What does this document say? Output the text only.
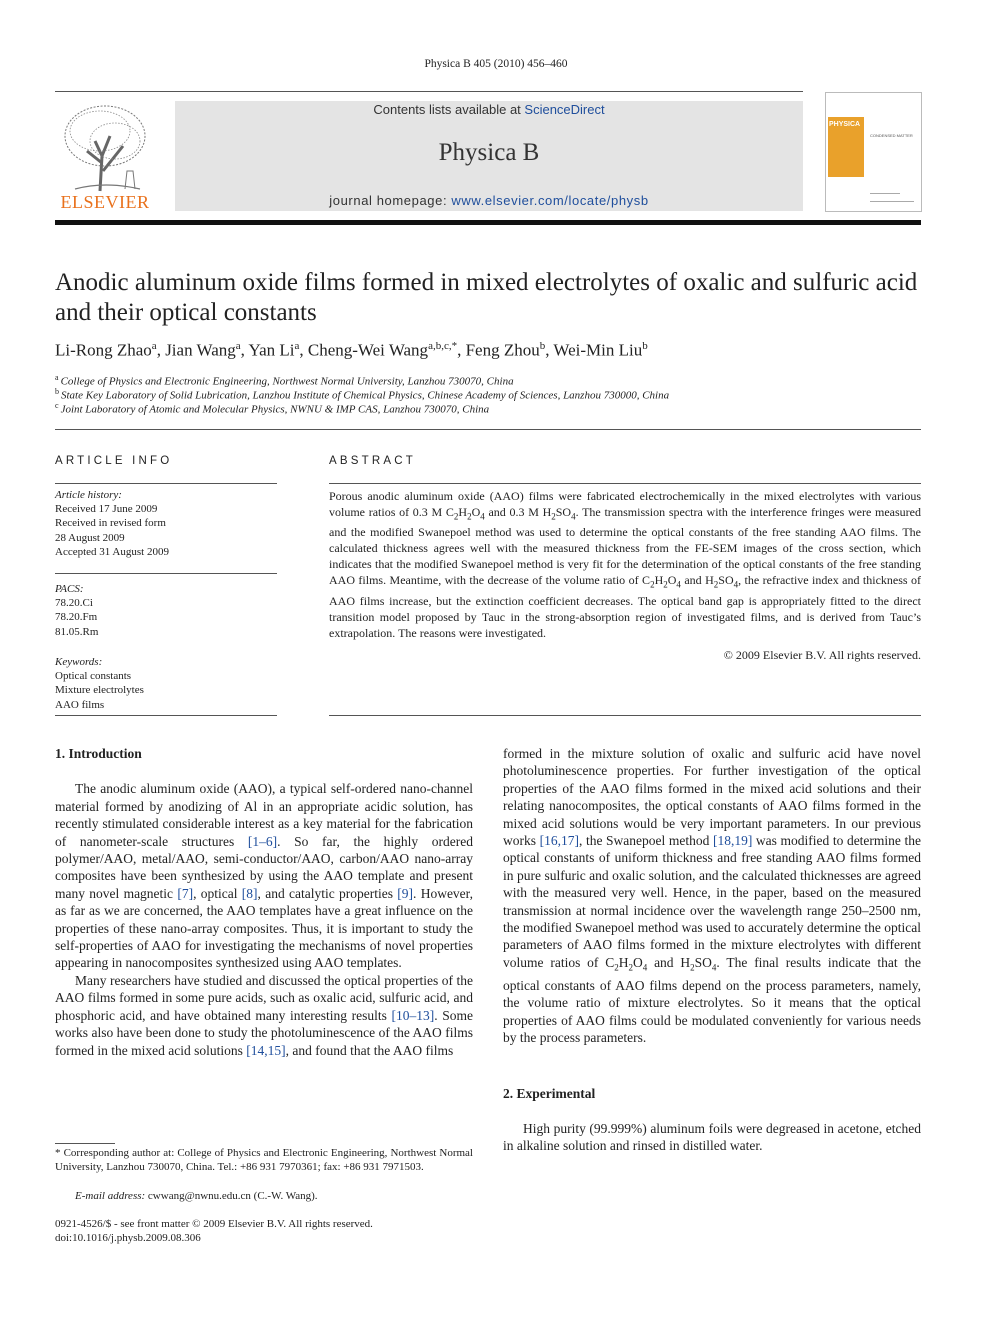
Physica B 405 (2010) 456–460
ELSEVIER
Contents lists available at ScienceDirect
Physica B
journal homepage: www.elsevier.com/locate/physb
PHYSICA
CONDENSED MATTER
Anodic aluminum oxide films formed in mixed electrolytes of oxalic and sulfuric acid and their optical constants
Li-Rong Zhao$^a$, Jian Wang$^a$, Yan Li$^a$, Cheng-Wei Wang$^{a,b,c,*}$, Feng Zhou$^b$, Wei-Min Liu$^b$
$^a$ College of Physics and Electronic Engineering, Northwest Normal University, Lanzhou 730070, China
$^b$ State Key Laboratory of Solid Lubrication, Lanzhou Institute of Chemical Physics, Chinese Academy of Sciences, Lanzhou 730000, China
$^c$ Joint Laboratory of Atomic and Molecular Physics, NWNU & IMP CAS, Lanzhou 730070, China
ARTICLE INFO
Article history:
Received 17 June 2009
Received in revised form
28 August 2009
Accepted 31 August 2009
PACS:
78.20.Ci
78.20.Fm
81.05.Rm
Keywords:
Optical constants
Mixture electrolytes
AAO films
ABSTRACT
Porous anodic aluminum oxide (AAO) films were fabricated electrochemically in the mixed electrolytes with various volume ratios of 0.3 M $C_2H_2O_4$ and 0.3 M $H_2SO_4$. The transmission spectra with the interference fringes were measured and the modified Swanepoel method was used to determine the optical constants of the free standing AAO films. The calculated thickness agrees well with the measured thickness from the FE-SEM images of the cross section, which indicates that the modified Swanepoel method is very fit for the determination of the optical constants of the free standing AAO films. Meantime, with the decrease of the volume ratio of $C_2H_2O_4$ and $H_2SO_4$, the refractive index and thickness of AAO films increase, but the extinction coefficient decreases. The optical band gap is appropriately fitted to the direct transition model proposed by Tauc in the strong-absorption region of investigated films, and is derived from Tauc’s extrapolation. The reasons were investigated.
© 2009 Elsevier B.V. All rights reserved.
1. Introduction

The anodic aluminum oxide (AAO), a typical self-ordered nano-channel material formed by anodizing of Al in an appropriate acidic solution, has recently stimulated considerable interest as a key material for the fabrication of nanometer-scale structures [1–6]. So far, the highly ordered polymer/AAO, metal/AAO, semi-conductor/AAO, carbon/AAO nano-array composites have been synthesized by using the AAO template and present many novel magnetic [7], optical [8], and catalytic properties [9]. However, as far as we are concerned, the AAO templates have a great influence on the properties of these nano-array composites. Thus, it is important to study the self-properties of AAO for investigating the mechanisms of novel properties appearing in nanocomposites synthesized using AAO templates.

Many researchers have studied and discussed the optical properties of the AAO films formed in some pure acids, such as oxalic acid, sulfuric acid, and phosphoric acid, and have obtained many interesting results [10–13]. Some works also have been done to study the photoluminescence of the AAO films formed in the mixed acid solutions [14,15], and found that the AAO films

* Corresponding author at: College of Physics and Electronic Engineering, Northwest Normal University, Lanzhou 730070, China. Tel.: +86 931 7970361; fax: +86 931 7971503.
E-mail address: cwwang@nwnu.edu.cn (C.-W. Wang).
0921-4526/$ - see front matter © 2009 Elsevier B.V. All rights reserved.
doi:10.1016/j.physb.2009.08.306

formed in the mixture solution of oxalic and sulfuric acid have novel photoluminescence properties. For further investigation of the optical properties of the AAO films formed in the mixed acid solutions and their relating nanocomposites, the optical constants of AAO films formed in the mixed acid solutions would be very important parameters. In our previous works [16,17], the Swanepoel method [18,19] was modified to determine the optical constants of uniform thickness and free standing AAO films formed in pure sulfuric and oxalic solution, and the calculated thicknesses are agreed with the measured very well. Hence, in the paper, based on the measured transmission at normal incidence over the wavelength range 250–2500 nm, the modified Swanepoel method was used to accurately determine the optical parameters of AAO films formed in the mixture electrolytes with different volume ratios of $C_2H_2O_4$ and $H_2SO_4$. The final results indicate that the optical constants of AAO films depend on the process parameters, namely, the volume ratio of mixture electrolytes. So it means that the optical properties of AAO films could be modulated conveniently for various needs by the process parameters.

2. Experimental

High purity (99.999%) aluminum foils were degreased in acetone, etched in alkaline solution and rinsed in distilled water.
